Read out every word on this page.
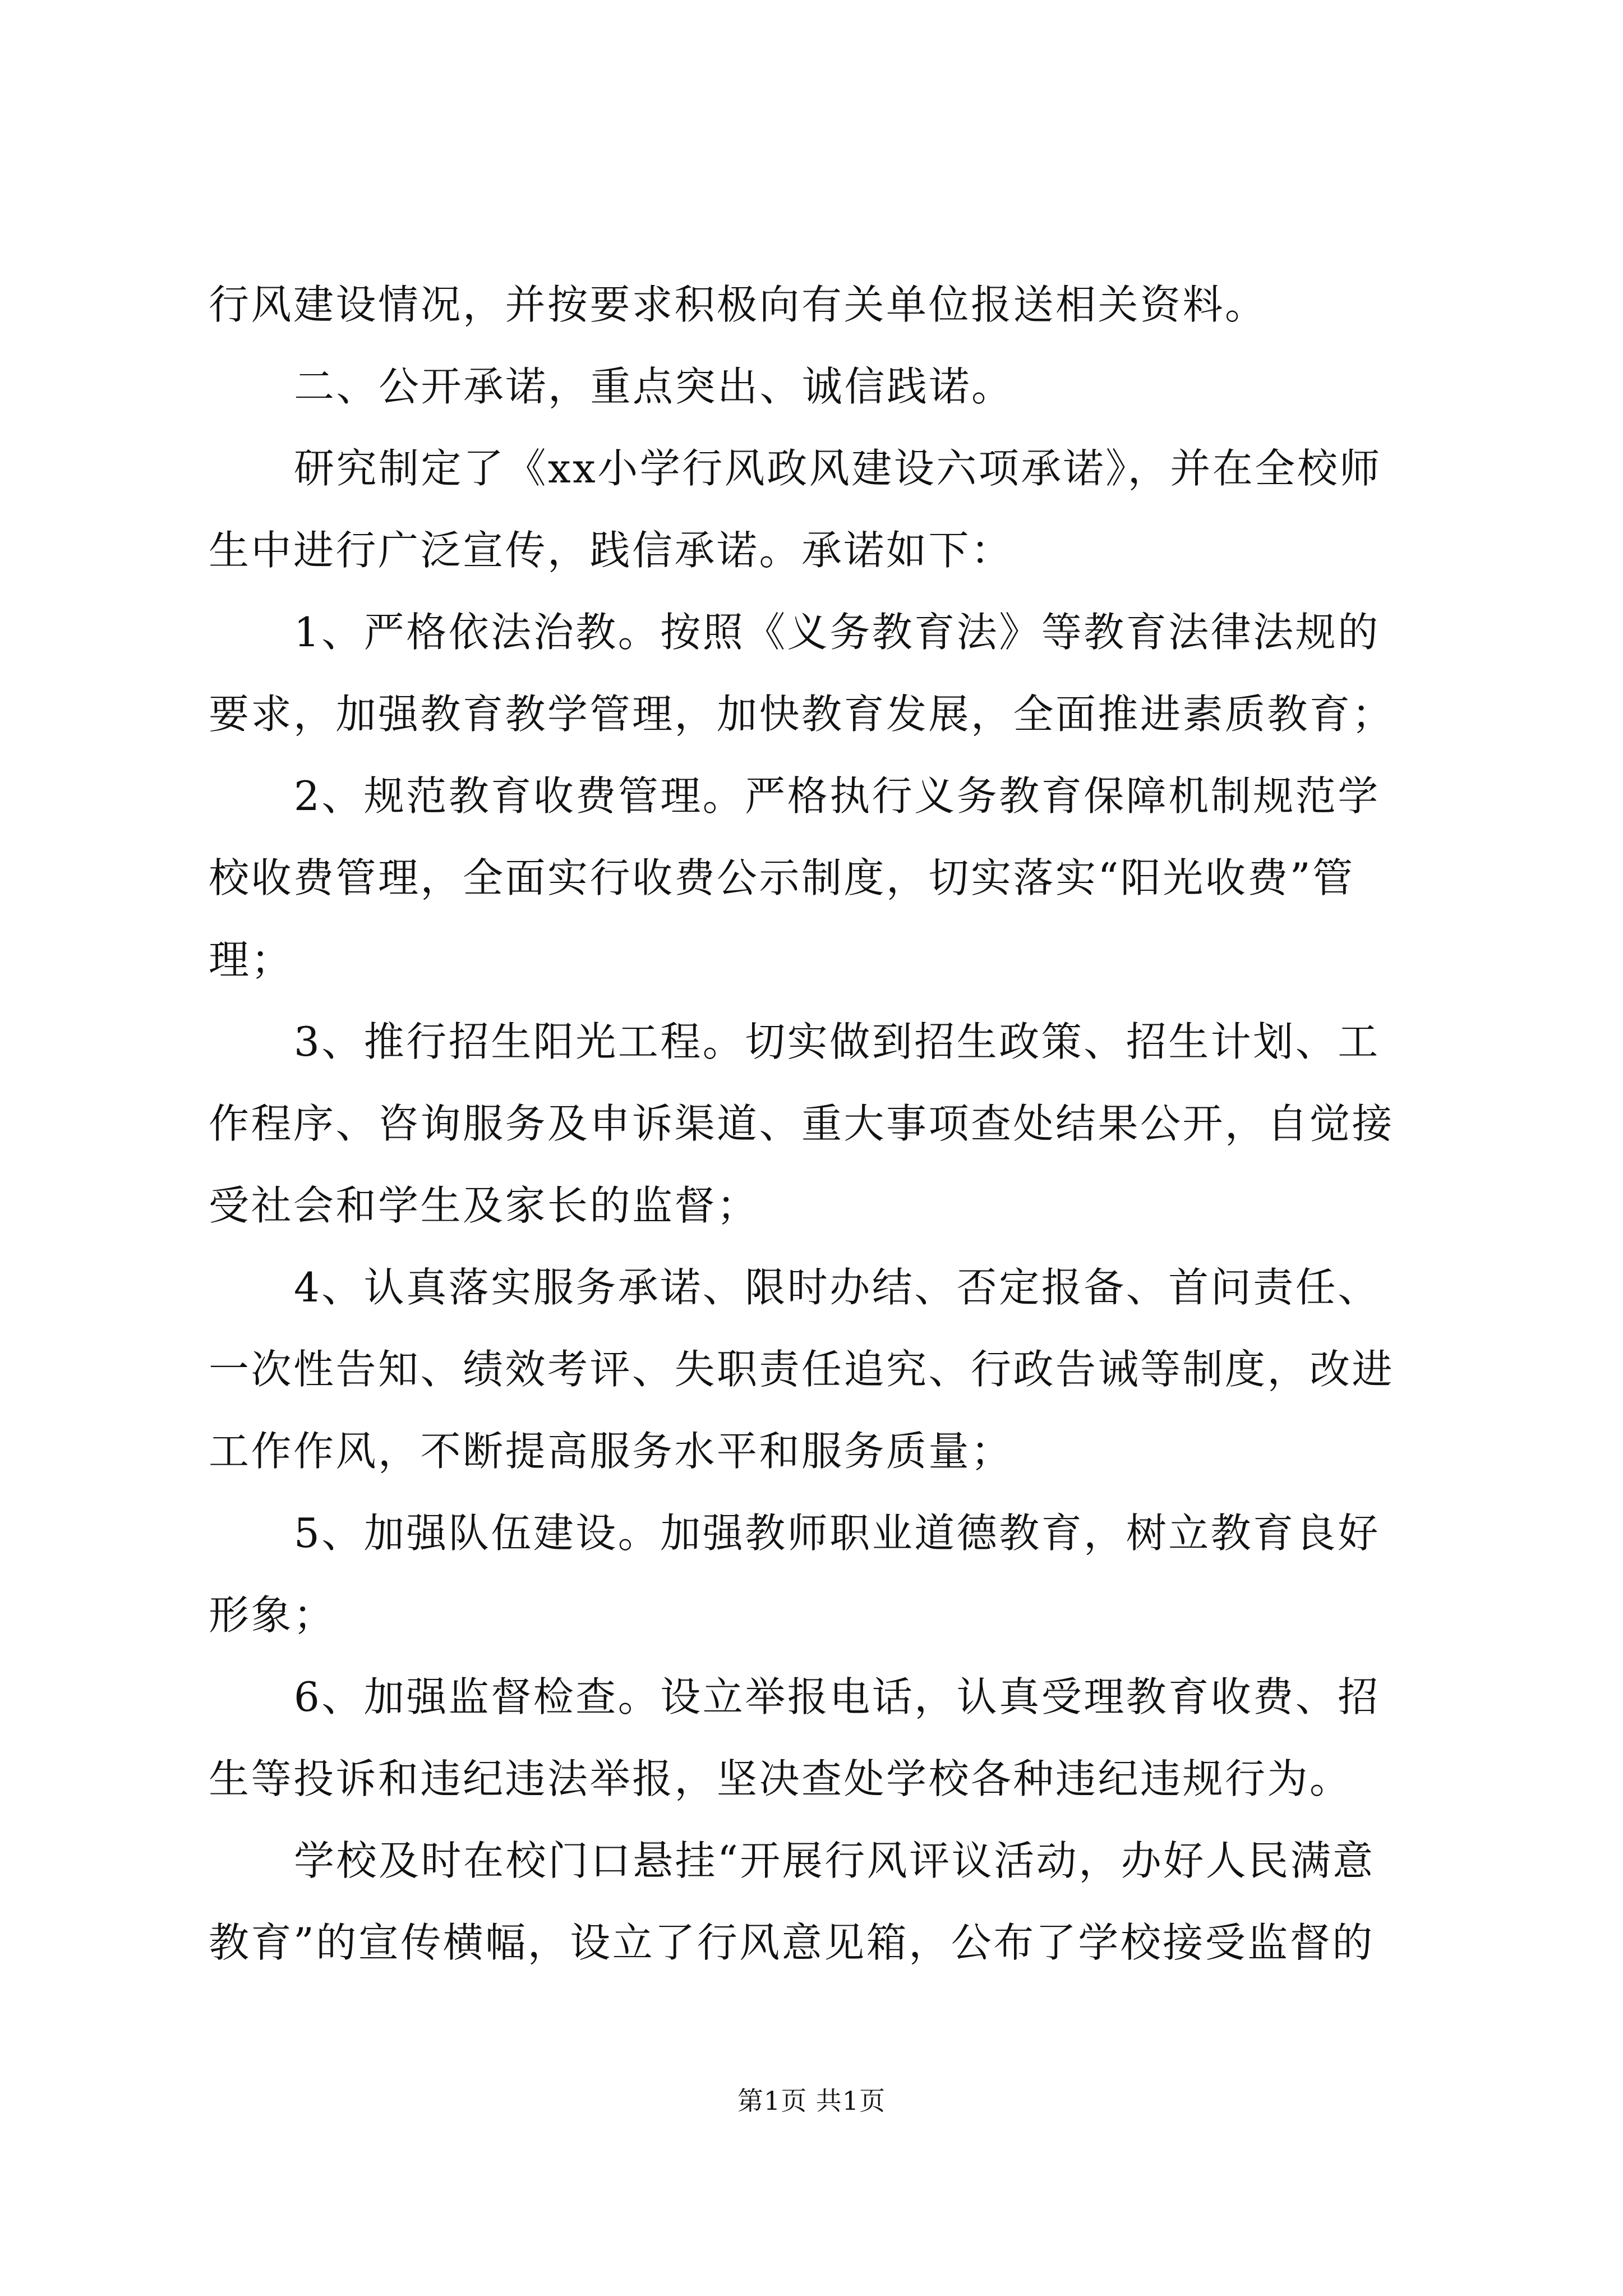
行风建设情况，并按要求积极向有关单位报送相关资料。
二、公开承诺，重点突出、诚信践诺。
研究制定了《xx小学行风政风建设六项承诺》，并在全校师
生中进行广泛宣传，践信承诺。承诺如下：
1、严格依法治教。按照《义务教育法》等教育法律法规的
要求，加强教育教学管理，加快教育发展，全面推进素质教育；
2、规范教育收费管理。严格执行义务教育保障机制规范学
校收费管理，全面实行收费公示制度，切实落实“阳光收费”管
理；
3、推行招生阳光工程。切实做到招生政策、招生计划、工
作程序、咨询服务及申诉渠道、重大事项查处结果公开，自觉接
受社会和学生及家长的监督；
4、认真落实服务承诺、限时办结、否定报备、首问责任、
一次性告知、绩效考评、失职责任追究、行政告诫等制度，改进
工作作风，不断提高服务水平和服务质量；
5、加强队伍建设。加强教师职业道德教育，树立教育良好
形象；
6、加强监督检查。设立举报电话，认真受理教育收费、招
生等投诉和违纪违法举报，坚决查处学校各种违纪违规行为。
学校及时在校门口悬挂“开展行风评议活动，办好人民满意
教育”的宣传横幅，设立了行风意见箱，公布了学校接受监督的
第1页 共1页
